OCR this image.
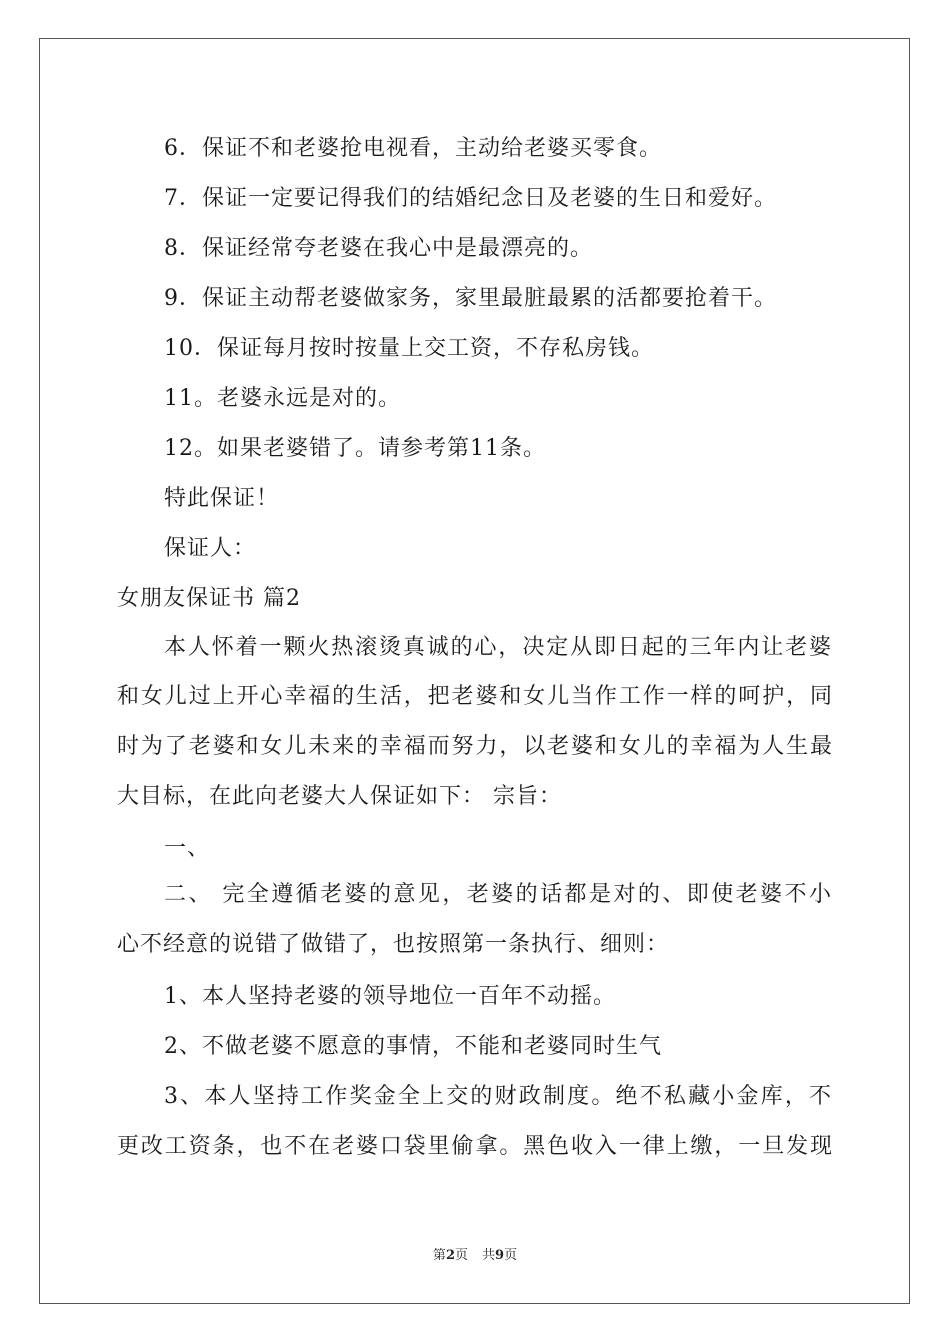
6．保证不和老婆抢电视看，主动给老婆买零食。
7．保证一定要记得我们的结婚纪念日及老婆的生日和爱好。
8．保证经常夸老婆在我心中是最漂亮的。
9．保证主动帮老婆做家务，家里最脏最累的活都要抢着干。
10．保证每月按时按量上交工资，不存私房钱。
11。老婆永远是对的。
12。如果老婆错了。请参考第11条。
特此保证！
保证人：
女朋友保证书 篇2
本人怀着一颗火热滚烫真诚的心，决定从即日起的三年内让老婆
和女儿过上开心幸福的生活，把老婆和女儿当作工作一样的呵护，同
时为了老婆和女儿未来的幸福而努力，以老婆和女儿的幸福为人生最
大目标，在此向老婆大人保证如下： 宗旨：
一、
二、 完全遵循老婆的意见，老婆的话都是对的、即使老婆不小
心不经意的说错了做错了，也按照第一条执行、细则：
1、本人坚持老婆的领导地位一百年不动摇。
2、不做老婆不愿意的事情，不能和老婆同时生气
3、本人坚持工作奖金全上交的财政制度。绝不私藏小金库，不
更改工资条，也不在老婆口袋里偷拿。黑色收入一律上缴，一旦发现
第2页 共9页
